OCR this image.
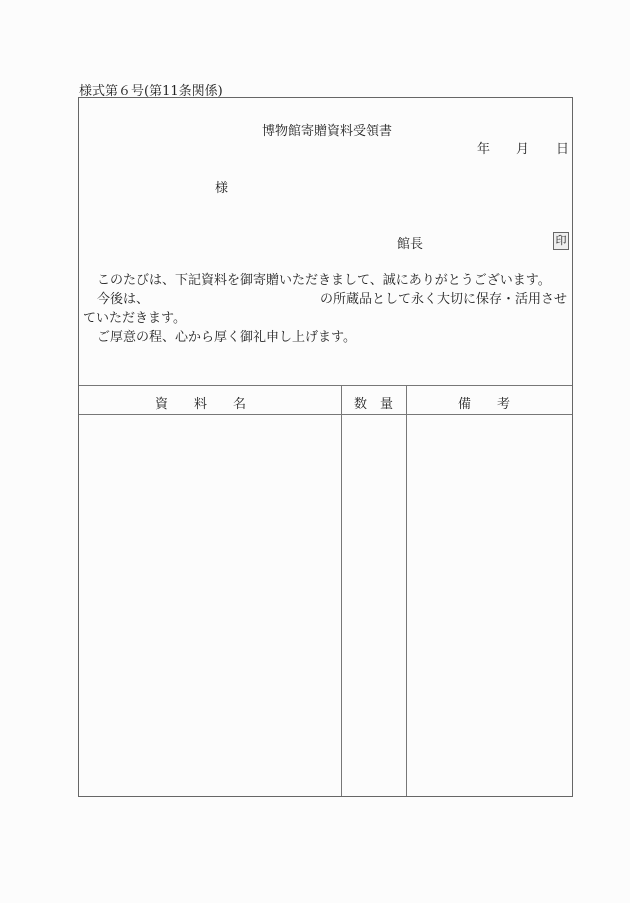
様式第６号(第11条関係)
博物館寄贈資料受領書
年 月 日
様
館長	印
このたびは、下記資料を御寄贈いただきまして、誠にありがとうございます。
今後は、	の所蔵品として永く大切に保存・活用させ
ていただきます。
ご厚意の程、心から厚く御礼申し上げます。
資　　料　　名	数　量	備　　考
